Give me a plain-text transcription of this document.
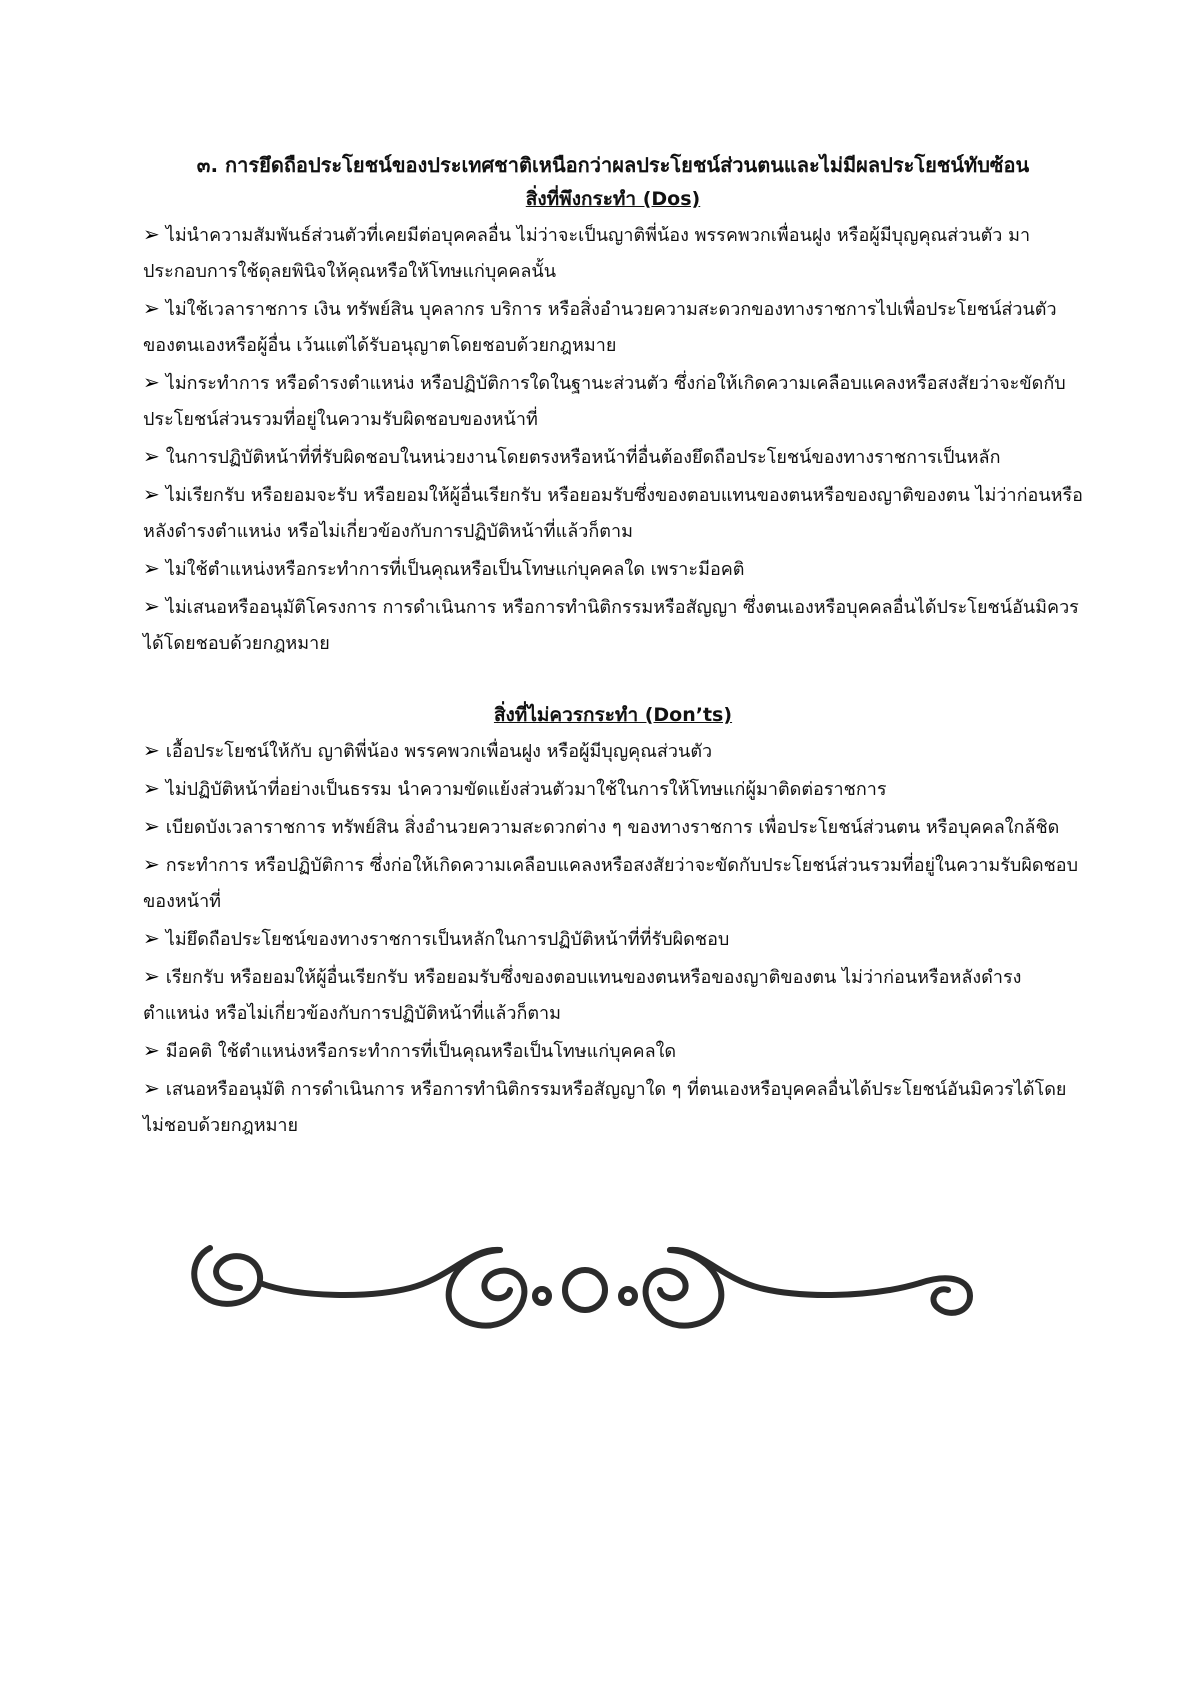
๓. การยึดถือประโยชน์ของประเทศชาติเหนือกว่าผลประโยชน์ส่วนตนและไม่มีผลประโยชน์ทับซ้อน
สิ่งที่พึงกระทำ (Dos)
➢ ไม่นำความสัมพันธ์ส่วนตัวที่เคยมีต่อบุคคลอื่น ไม่ว่าจะเป็นญาติพี่น้อง พรรคพวกเพื่อนฝูง หรือผู้มีบุญคุณส่วนตัว มาประกอบการใช้ดุลยพินิจให้คุณหรือให้โทษแก่บุคคลนั้น
➢ ไม่ใช้เวลาราชการ เงิน ทรัพย์สิน บุคลากร บริการ หรือสิ่งอำนวยความสะดวกของทางราชการไปเพื่อประโยชน์ส่วนตัวของตนเองหรือผู้อื่น เว้นแต่ได้รับอนุญาตโดยชอบด้วยกฎหมาย
➢ ไม่กระทำการ หรือดำรงตำแหน่ง หรือปฏิบัติการใดในฐานะส่วนตัว ซึ่งก่อให้เกิดความเคลือบแคลงหรือสงสัยว่าจะขัดกับประโยชน์ส่วนรวมที่อยู่ในความรับผิดชอบของหน้าที่
➢ ในการปฏิบัติหน้าที่ที่รับผิดชอบในหน่วยงานโดยตรงหรือหน้าที่อื่นต้องยึดถือประโยชน์ของทางราชการเป็นหลัก
➢ ไม่เรียกรับ หรือยอมจะรับ หรือยอมให้ผู้อื่นเรียกรับ หรือยอมรับซึ่งของตอบแทนของตนหรือของญาติของตน ไม่ว่าก่อนหรือหลังดำรงตำแหน่ง หรือไม่เกี่ยวข้องกับการปฏิบัติหน้าที่แล้วก็ตาม
➢ ไม่ใช้ตำแหน่งหรือกระทำการที่เป็นคุณหรือเป็นโทษแก่บุคคลใด เพราะมีอคติ
➢ ไม่เสนอหรืออนุมัติโครงการ การดำเนินการ หรือการทำนิติกรรมหรือสัญญา ซึ่งตนเองหรือบุคคลอื่นได้ประโยชน์อันมิควรได้โดยชอบด้วยกฎหมาย
สิ่งที่ไม่ควรกระทำ (Don’ts)
➢ เอื้อประโยชน์ให้กับ ญาติพี่น้อง พรรคพวกเพื่อนฝูง หรือผู้มีบุญคุณส่วนตัว
➢ ไม่ปฏิบัติหน้าที่อย่างเป็นธรรม นำความขัดแย้งส่วนตัวมาใช้ในการให้โทษแก่ผู้มาติดต่อราชการ
➢ เบียดบังเวลาราชการ ทรัพย์สิน สิ่งอำนวยความสะดวกต่าง ๆ ของทางราชการ เพื่อประโยชน์ส่วนตน หรือบุคคลใกล้ชิด
➢ กระทำการ หรือปฏิบัติการ ซึ่งก่อให้เกิดความเคลือบแคลงหรือสงสัยว่าจะขัดกับประโยชน์ส่วนรวมที่อยู่ในความรับผิดชอบของหน้าที่
➢ ไม่ยึดถือประโยชน์ของทางราชการเป็นหลักในการปฏิบัติหน้าที่ที่รับผิดชอบ
➢ เรียกรับ หรือยอมให้ผู้อื่นเรียกรับ หรือยอมรับซึ่งของตอบแทนของตนหรือของญาติของตน ไม่ว่าก่อนหรือหลังดำรงตำแหน่ง หรือไม่เกี่ยวข้องกับการปฏิบัติหน้าที่แล้วก็ตาม
➢ มีอคติ ใช้ตำแหน่งหรือกระทำการที่เป็นคุณหรือเป็นโทษแก่บุคคลใด
➢ เสนอหรืออนุมัติ การดำเนินการ หรือการทำนิติกรรมหรือสัญญาใด ๆ ที่ตนเองหรือบุคคลอื่นได้ประโยชน์อันมิควรได้โดยไม่ชอบด้วยกฎหมาย
